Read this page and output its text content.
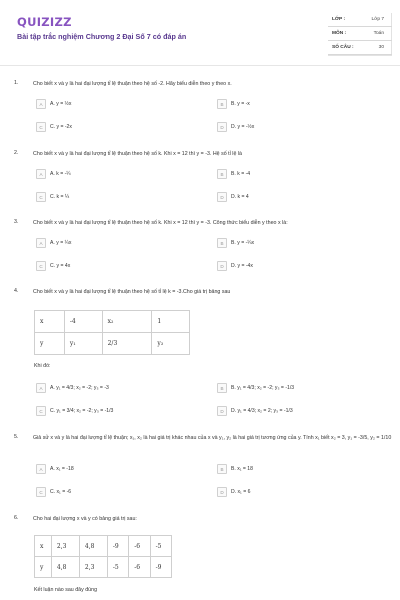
QUIZIZZ
Bài tập trắc nghiệm Chương 2 Đại Số 7 có đáp án
LỚP :	Lớp 7
MÔN :	Toán
SỐ CÂU :	30
1.	Cho biết x và y là hai đại lượng tỉ lệ thuận theo hệ số -2. Hãy biểu diễn theo y theo x.
A	A. y = ½x	B	B. y = -x
C	C. y = -2x	D	D. y = -½x
2.	Cho biết x và y là hai đại lượng tỉ lệ thuận theo hệ số k. Khi x = 12 thì y = -3. Hệ số tỉ lệ là
A	A. k = -¼	B	B. k = -4
C	C. k = ¼	D	D. k = 4
3.	Cho biết x và y là hai đại lượng tỉ lệ thuận theo hệ số k. Khi x = 12 thì y = -3. Công thức biểu diễn y theo x là:
A	A. y = ¼x	B	B. y = -¼x
C	C. y = 4x	D	D. y = -4x
4.	Cho biết x và y là hai đại lượng tỉ lệ thuận theo hệ số tỉ lệ k = -3.Cho giá trị bảng sau
x	-4	x₂	1
y	y₁	2/3	y₃
Khi đó:
A	A. y₁ = 4/3; x₂ = -2; y₃ = -3	B	B. y₁ = 4/3; x₂ = -2; y₃ = -1/3
C	C. y₁ = 3/4; x₂ = -2; y₃ = -1/3	D	D. y₁ = 4/3; x₂ = 2; y₃ = -1/3
5.	Giả sử x và y là hai đại lượng tỉ lệ thuận; x₁, x₂ là hai giá trị khác nhau của x và y₁, y₂ là hai giá trị tương ứng của y. Tính x₁ biết x₂ = 3, y₁ = -3/5, y₂ = 1/10
A	A. x₁ = -18	B	B. x₁ = 18
C	C. x₁ = -6	D	D. x₁ = 6
6.	Cho hai đại lượng x và y có bảng giá trị sau:
x	2,3	4,8	-9	-6	-5
y	4,8	2,3	-5	-6	-9
Kết luận nào sau đây đúng
